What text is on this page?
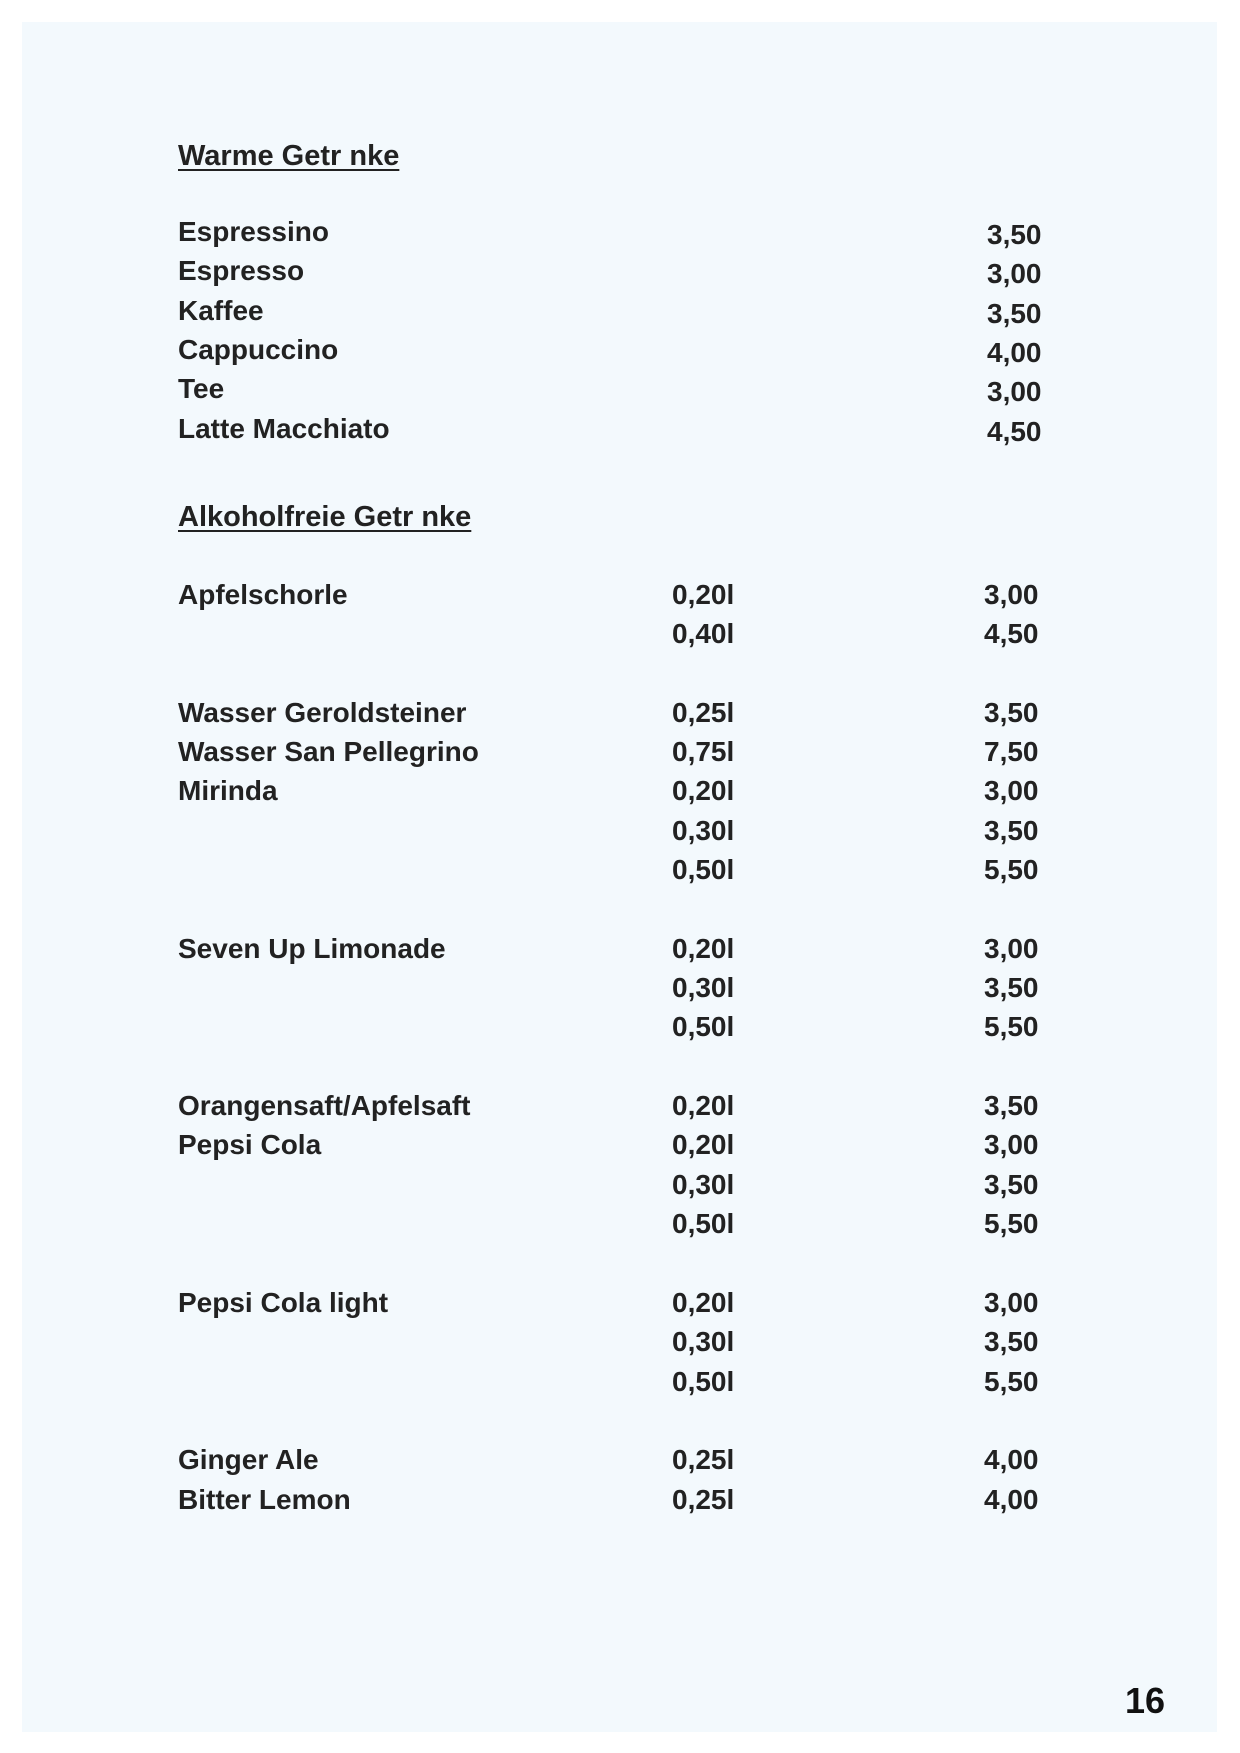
Warme Getr nke
Espressino	3,50
Espresso	3,00
Kaffee	3,50
Cappuccino	4,00
Tee	3,00
Latte Macchiato	4,50
Alkoholfreie Getr nke
Apfelschorle	0,20l	3,00
0,40l	4,50
Wasser Geroldsteiner	0,25l	3,50
Wasser San Pellegrino	0,75l	7,50
Mirinda	0,20l	3,00
0,30l	3,50
0,50l	5,50
Seven Up Limonade	0,20l	3,00
0,30l	3,50
0,50l	5,50
Orangensaft/Apfelsaft	0,20l	3,50
Pepsi Cola	0,20l	3,00
0,30l	3,50
0,50l	5,50
Pepsi Cola light	0,20l	3,00
0,30l	3,50
0,50l	5,50
Ginger Ale	0,25l	4,00
Bitter Lemon	0,25l	4,00
16
